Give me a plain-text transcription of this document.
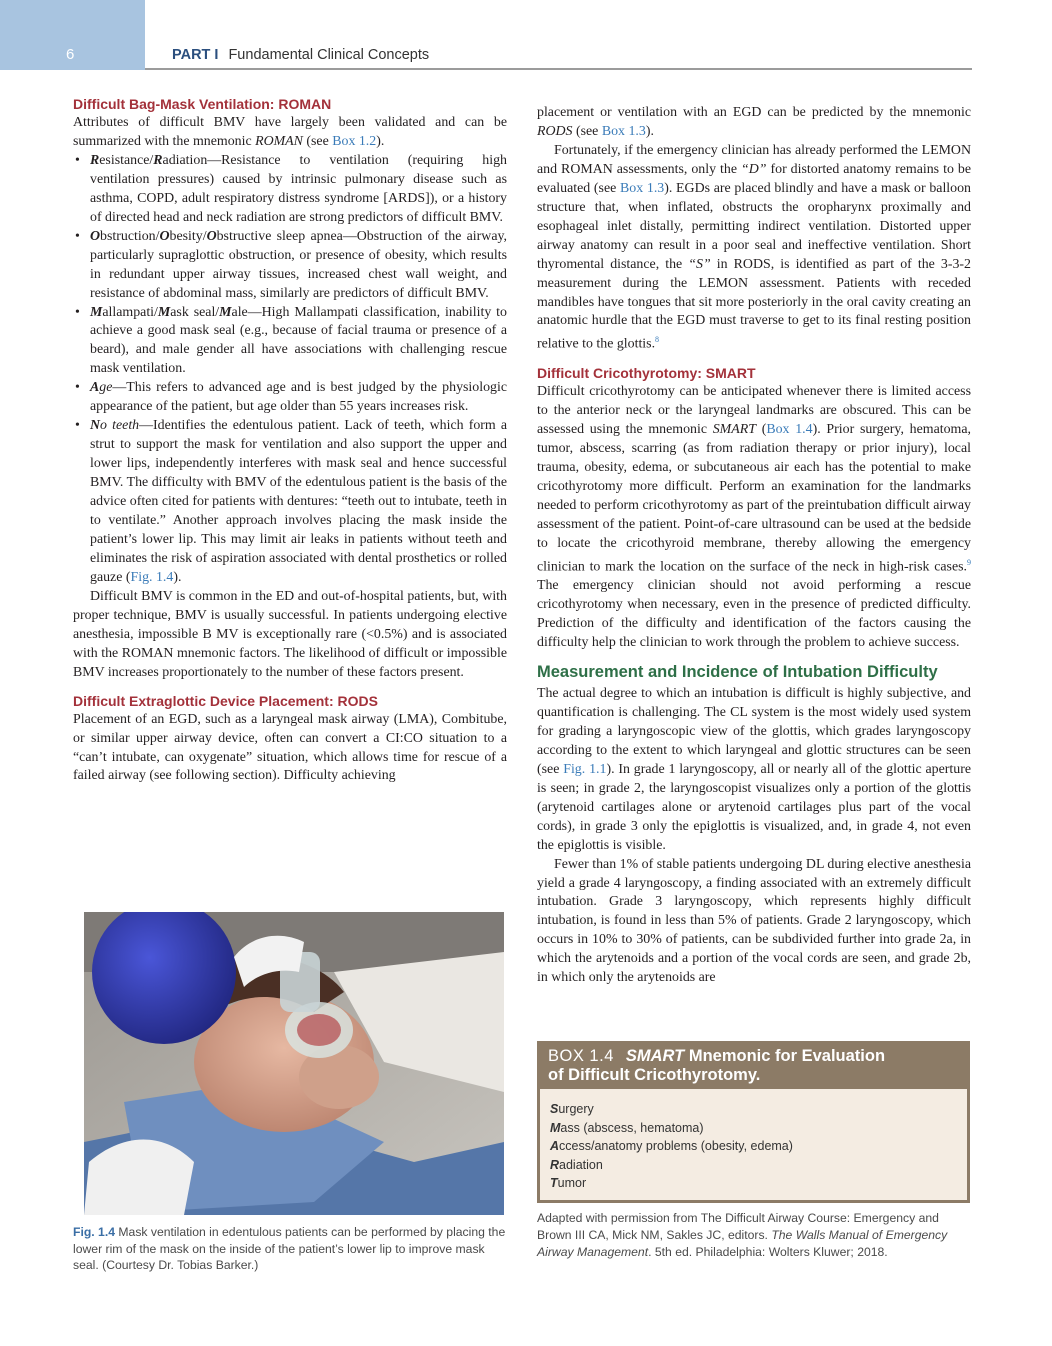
6	PART I Fundamental Clinical Concepts
Difficult Bag-Mask Ventilation: ROMAN

Attributes of difficult BMV have largely been validated and can be summarized with the mnemonic ROMAN (see Box 1.2).

• Resistance/Radiation—Resistance to ventilation (requiring high ventilation pressures) caused by intrinsic pulmonary disease such as asthma, COPD, adult respiratory distress syndrome [ARDS]), or a history of directed head and neck radiation are strong predictors of difficult BMV.
• Obstruction/Obesity/Obstructive sleep apnea—Obstruction of the airway, particularly supraglottic obstruction, or presence of obesity, which results in redundant upper airway tissues, increased chest wall weight, and resistance of abdominal mass, similarly are predictors of difficult BMV.
• Mallampati/Mask seal/Male—High Mallampati classification, inability to achieve a good mask seal (e.g., because of facial trauma or presence of a beard), and male gender all have associations with challenging rescue mask ventilation.
• Age—This refers to advanced age and is best judged by the physiologic appearance of the patient, but age older than 55 years increases risk.
• No teeth—Identifies the edentulous patient. Lack of teeth, which form a strut to support the mask for ventilation and also support the upper and lower lips, independently interferes with mask seal and hence successful BMV. The difficulty with BMV of the edentulous patient is the basis of the advice often cited for patients with dentures: “teeth out to intubate, teeth in to ventilate.” Another approach involves placing the mask inside the patient’s lower lip. This may limit air leaks in patients without teeth and eliminates the risk of aspiration associated with dental prosthetics or rolled gauze (Fig. 1.4).

Difficult BMV is common in the ED and out-of-hospital patients, but, with proper technique, BMV is usually successful. In patients undergoing elective anesthesia, impossible B MV is exceptionally rare (<0.5%) and is associated with the ROMAN mnemonic factors. The likelihood of difficult or impossible BMV increases proportionately to the number of these factors present.

Difficult Extraglottic Device Placement: RODS

Placement of an EGD, such as a laryngeal mask airway (LMA), Combitube, or similar upper airway device, often can convert a CI:CO situation to a “can’t intubate, can oxygenate” situation, which allows time for rescue of a failed airway (see following section). Difficulty achieving

Fig. 1.4 Mask ventilation in edentulous patients can be performed by placing the lower rim of the mask on the inside of the patient’s lower lip to improve mask seal. (Courtesy Dr. Tobias Barker.)

placement or ventilation with an EGD can be predicted by the mnemonic RODS (see Box 1.3).

Fortunately, if the emergency clinician has already performed the LEMON and ROMAN assessments, only the “D” for distorted anatomy remains to be evaluated (see Box 1.3). EGDs are placed blindly and have a mask or balloon structure that, when inflated, obstructs the oropharynx proximally and esophageal inlet distally, permitting indirect ventilation. Distorted upper airway anatomy can result in a poor seal and ineffective ventilation. Short thyromental distance, the “S” in RODS, is identified as part of the 3-3-2 measurement during the LEMON assessment. Patients with receded mandibles have tongues that sit more posteriorly in the oral cavity creating an anatomic hurdle that the EGD must traverse to get to its final resting position relative to the glottis.$^8$

Difficult Cricothyrotomy: SMART

Difficult cricothyrotomy can be anticipated whenever there is limited access to the anterior neck or the laryngeal landmarks are obscured. This can be assessed using the mnemonic SMART (Box 1.4). Prior surgery, hematoma, tumor, abscess, scarring (as from radiation therapy or prior injury), local trauma, obesity, edema, or subcutaneous air each has the potential to make cricothyrotomy more difficult. Perform an examination for the landmarks needed to perform cricothyrotomy as part of the preintubation difficult airway assessment of the patient. Point-of-care ultrasound can be used at the bedside to locate the cricothyroid membrane, thereby allowing the emergency clinician to mark the location on the surface of the neck in high-risk cases.$^9$ The emergency clinician should not avoid performing a rescue cricothyrotomy when necessary, even in the presence of predicted difficulty. Prediction of the difficulty and identification of the factors causing the difficulty help the clinician to work through the problem to achieve success.

Measurement and Incidence of Intubation Difficulty

The actual degree to which an intubation is difficult is highly subjective, and quantification is challenging. The CL system is the most widely used system for grading a laryngoscopic view of the glottis, which grades laryngoscopy according to the extent to which laryngeal and glottic structures can be seen (see Fig. 1.1). In grade 1 laryngoscopy, all or nearly all of the glottic aperture is seen; in grade 2, the laryngoscopist visualizes only a portion of the glottis (arytenoid cartilages alone or arytenoid cartilages plus part of the vocal cords), in grade 3 only the epiglottis is visualized, and, in grade 4, not even the epiglottis is visible.

Fewer than 1% of stable patients undergoing DL during elective anesthesia yield a grade 4 laryngoscopy, a finding associated with an extremely difficult intubation. Grade 3 laryngoscopy, which represents highly difficult intubation, is found in less than 5% of patients. Grade 2 laryngoscopy, which occurs in 10% to 30% of patients, can be subdivided further into grade 2a, in which the arytenoids and a portion of the vocal cords are seen, and grade 2b, in which only the arytenoids are

BOX 1.4 SMART Mnemonic for Evaluation
of Difficult Cricothyrotomy.
Surgery
Mass (abscess, hematoma)
Access/anatomy problems (obesity, edema)
Radiation
Tumor
Adapted with permission from The Difficult Airway Course: Emergency and Brown III CA, Mick NM, Sakles JC, editors. The Walls Manual of Emergency Airway Management. 5th ed. Philadelphia: Wolters Kluwer; 2018.
